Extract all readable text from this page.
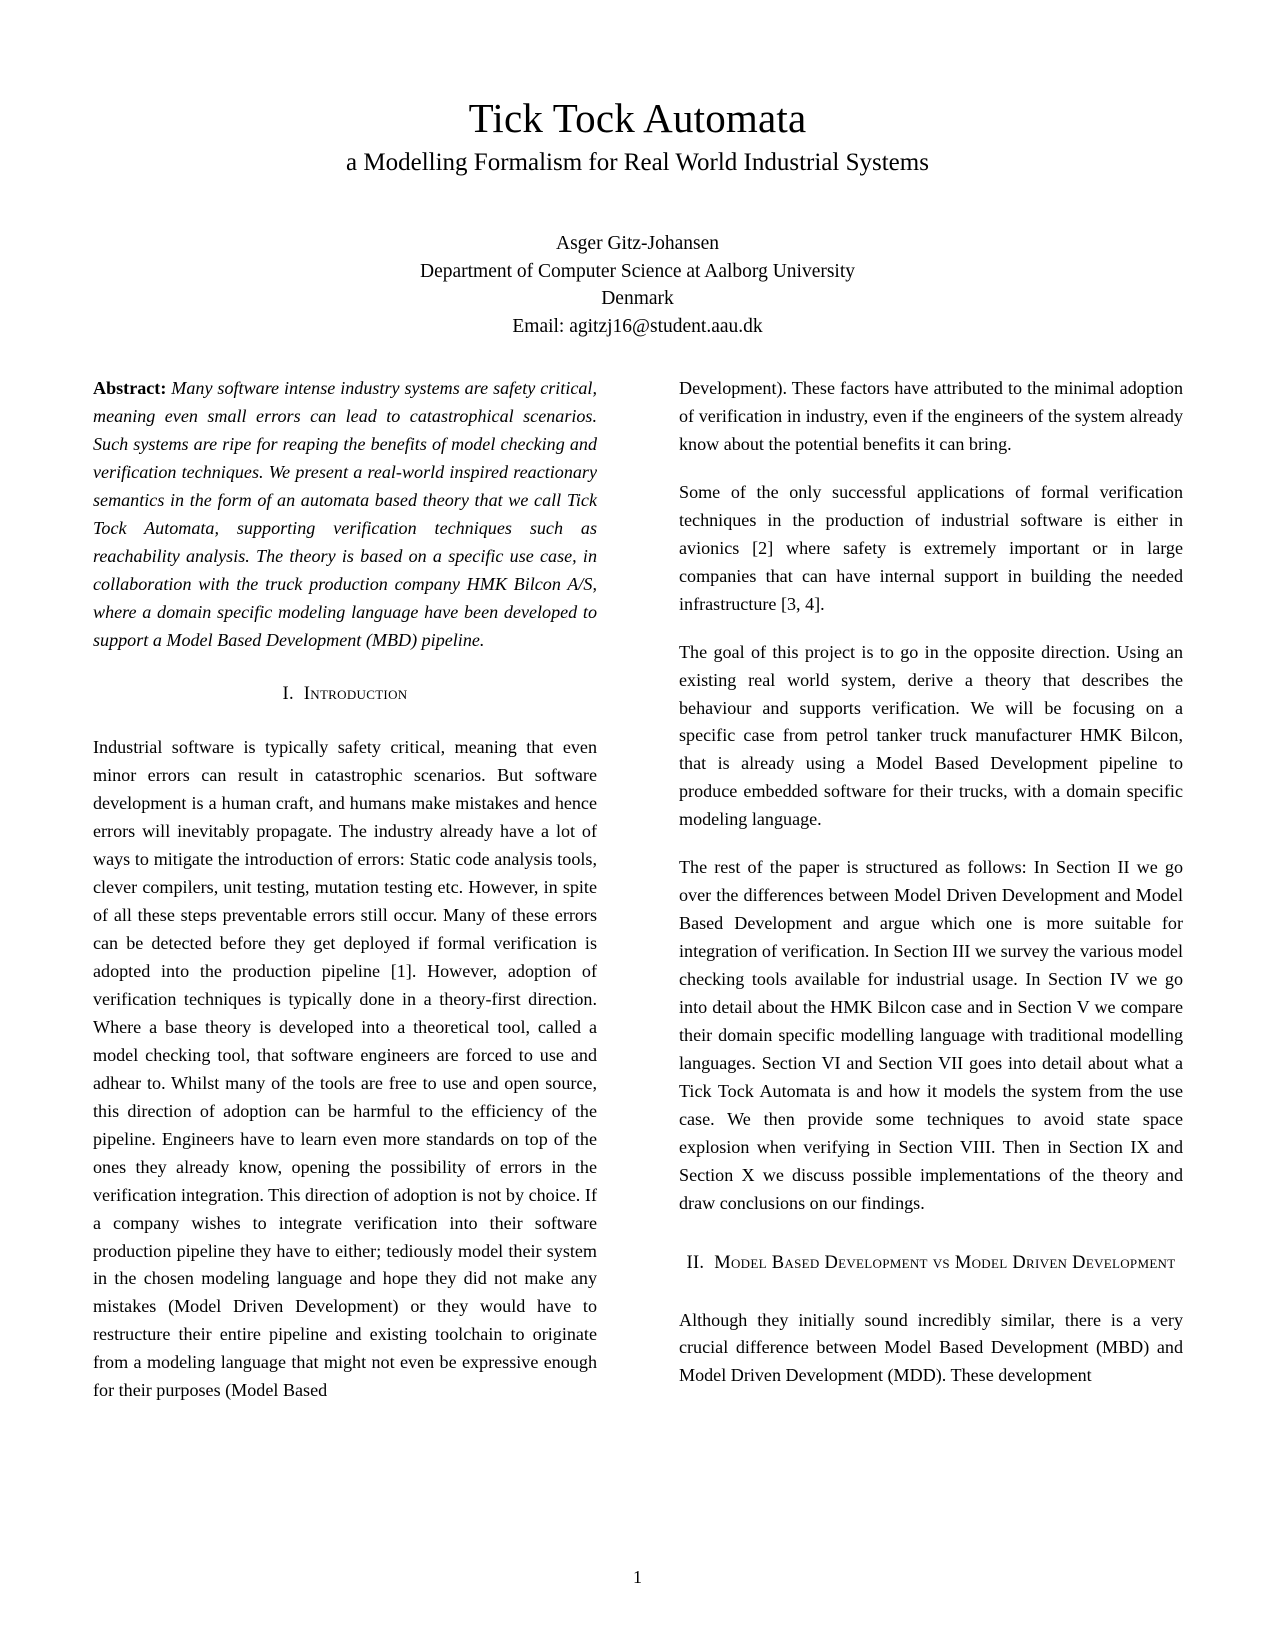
Tick Tock Automata
a Modelling Formalism for Real World Industrial Systems
Asger Gitz-Johansen
Department of Computer Science at Aalborg University
Denmark
Email: agitzj16@student.aau.dk

Abstract: Many software intense industry systems are safety critical, meaning even small errors can lead to catastrophical scenarios. Such systems are ripe for reaping the benefits of model checking and verification techniques. We present a real-world inspired reactionary semantics in the form of an automata based theory that we call Tick Tock Automata, supporting verification techniques such as reachability analysis. The theory is based on a specific use case, in collaboration with the truck production company HMK Bilcon A/S, where a domain specific modeling language have been developed to support a Model Based Development (MBD) pipeline.

I. Introduction

Industrial software is typically safety critical, meaning that even minor errors can result in catastrophic scenarios. But software development is a human craft, and humans make mistakes and hence errors will inevitably propagate. The industry already have a lot of ways to mitigate the introduction of errors: Static code analysis tools, clever compilers, unit testing, mutation testing etc. However, in spite of all these steps preventable errors still occur. Many of these errors can be detected before they get deployed if formal verification is adopted into the production pipeline [1]. However, adoption of verification techniques is typically done in a theory-first direction. Where a base theory is developed into a theoretical tool, called a model checking tool, that software engineers are forced to use and adhear to. Whilst many of the tools are free to use and open source, this direction of adoption can be harmful to the efficiency of the pipeline. Engineers have to learn even more standards on top of the ones they already know, opening the possibility of errors in the verification integration. This direction of adoption is not by choice. If a company wishes to integrate verification into their software production pipeline they have to either; tediously model their system in the chosen modeling language and hope they did not make any mistakes (Model Driven Development) or they would have to restructure their entire pipeline and existing toolchain to originate from a modeling language that might not even be expressive enough for their purposes (Model Based

Development). These factors have attributed to the minimal adoption of verification in industry, even if the engineers of the system already know about the potential benefits it can bring.

Some of the only successful applications of formal verification techniques in the production of industrial software is either in avionics [2] where safety is extremely important or in large companies that can have internal support in building the needed infrastructure [3, 4].

The goal of this project is to go in the opposite direction. Using an existing real world system, derive a theory that describes the behaviour and supports verification. We will be focusing on a specific case from petrol tanker truck manufacturer HMK Bilcon, that is already using a Model Based Development pipeline to produce embedded software for their trucks, with a domain specific modeling language.

The rest of the paper is structured as follows: In Section II we go over the differences between Model Driven Development and Model Based Development and argue which one is more suitable for integration of verification. In Section III we survey the various model checking tools available for industrial usage. In Section IV we go into detail about the HMK Bilcon case and in Section V we compare their domain specific modelling language with traditional modelling languages. Section VI and Section VII goes into detail about what a Tick Tock Automata is and how it models the system from the use case. We then provide some techniques to avoid state space explosion when verifying in Section VIII. Then in Section IX and Section X we discuss possible implementations of the theory and draw conclusions on our findings.

II. Model Based Development vs Model Driven Development

Although they initially sound incredibly similar, there is a very crucial difference between Model Based Development (MBD) and Model Driven Development (MDD). These development

1
